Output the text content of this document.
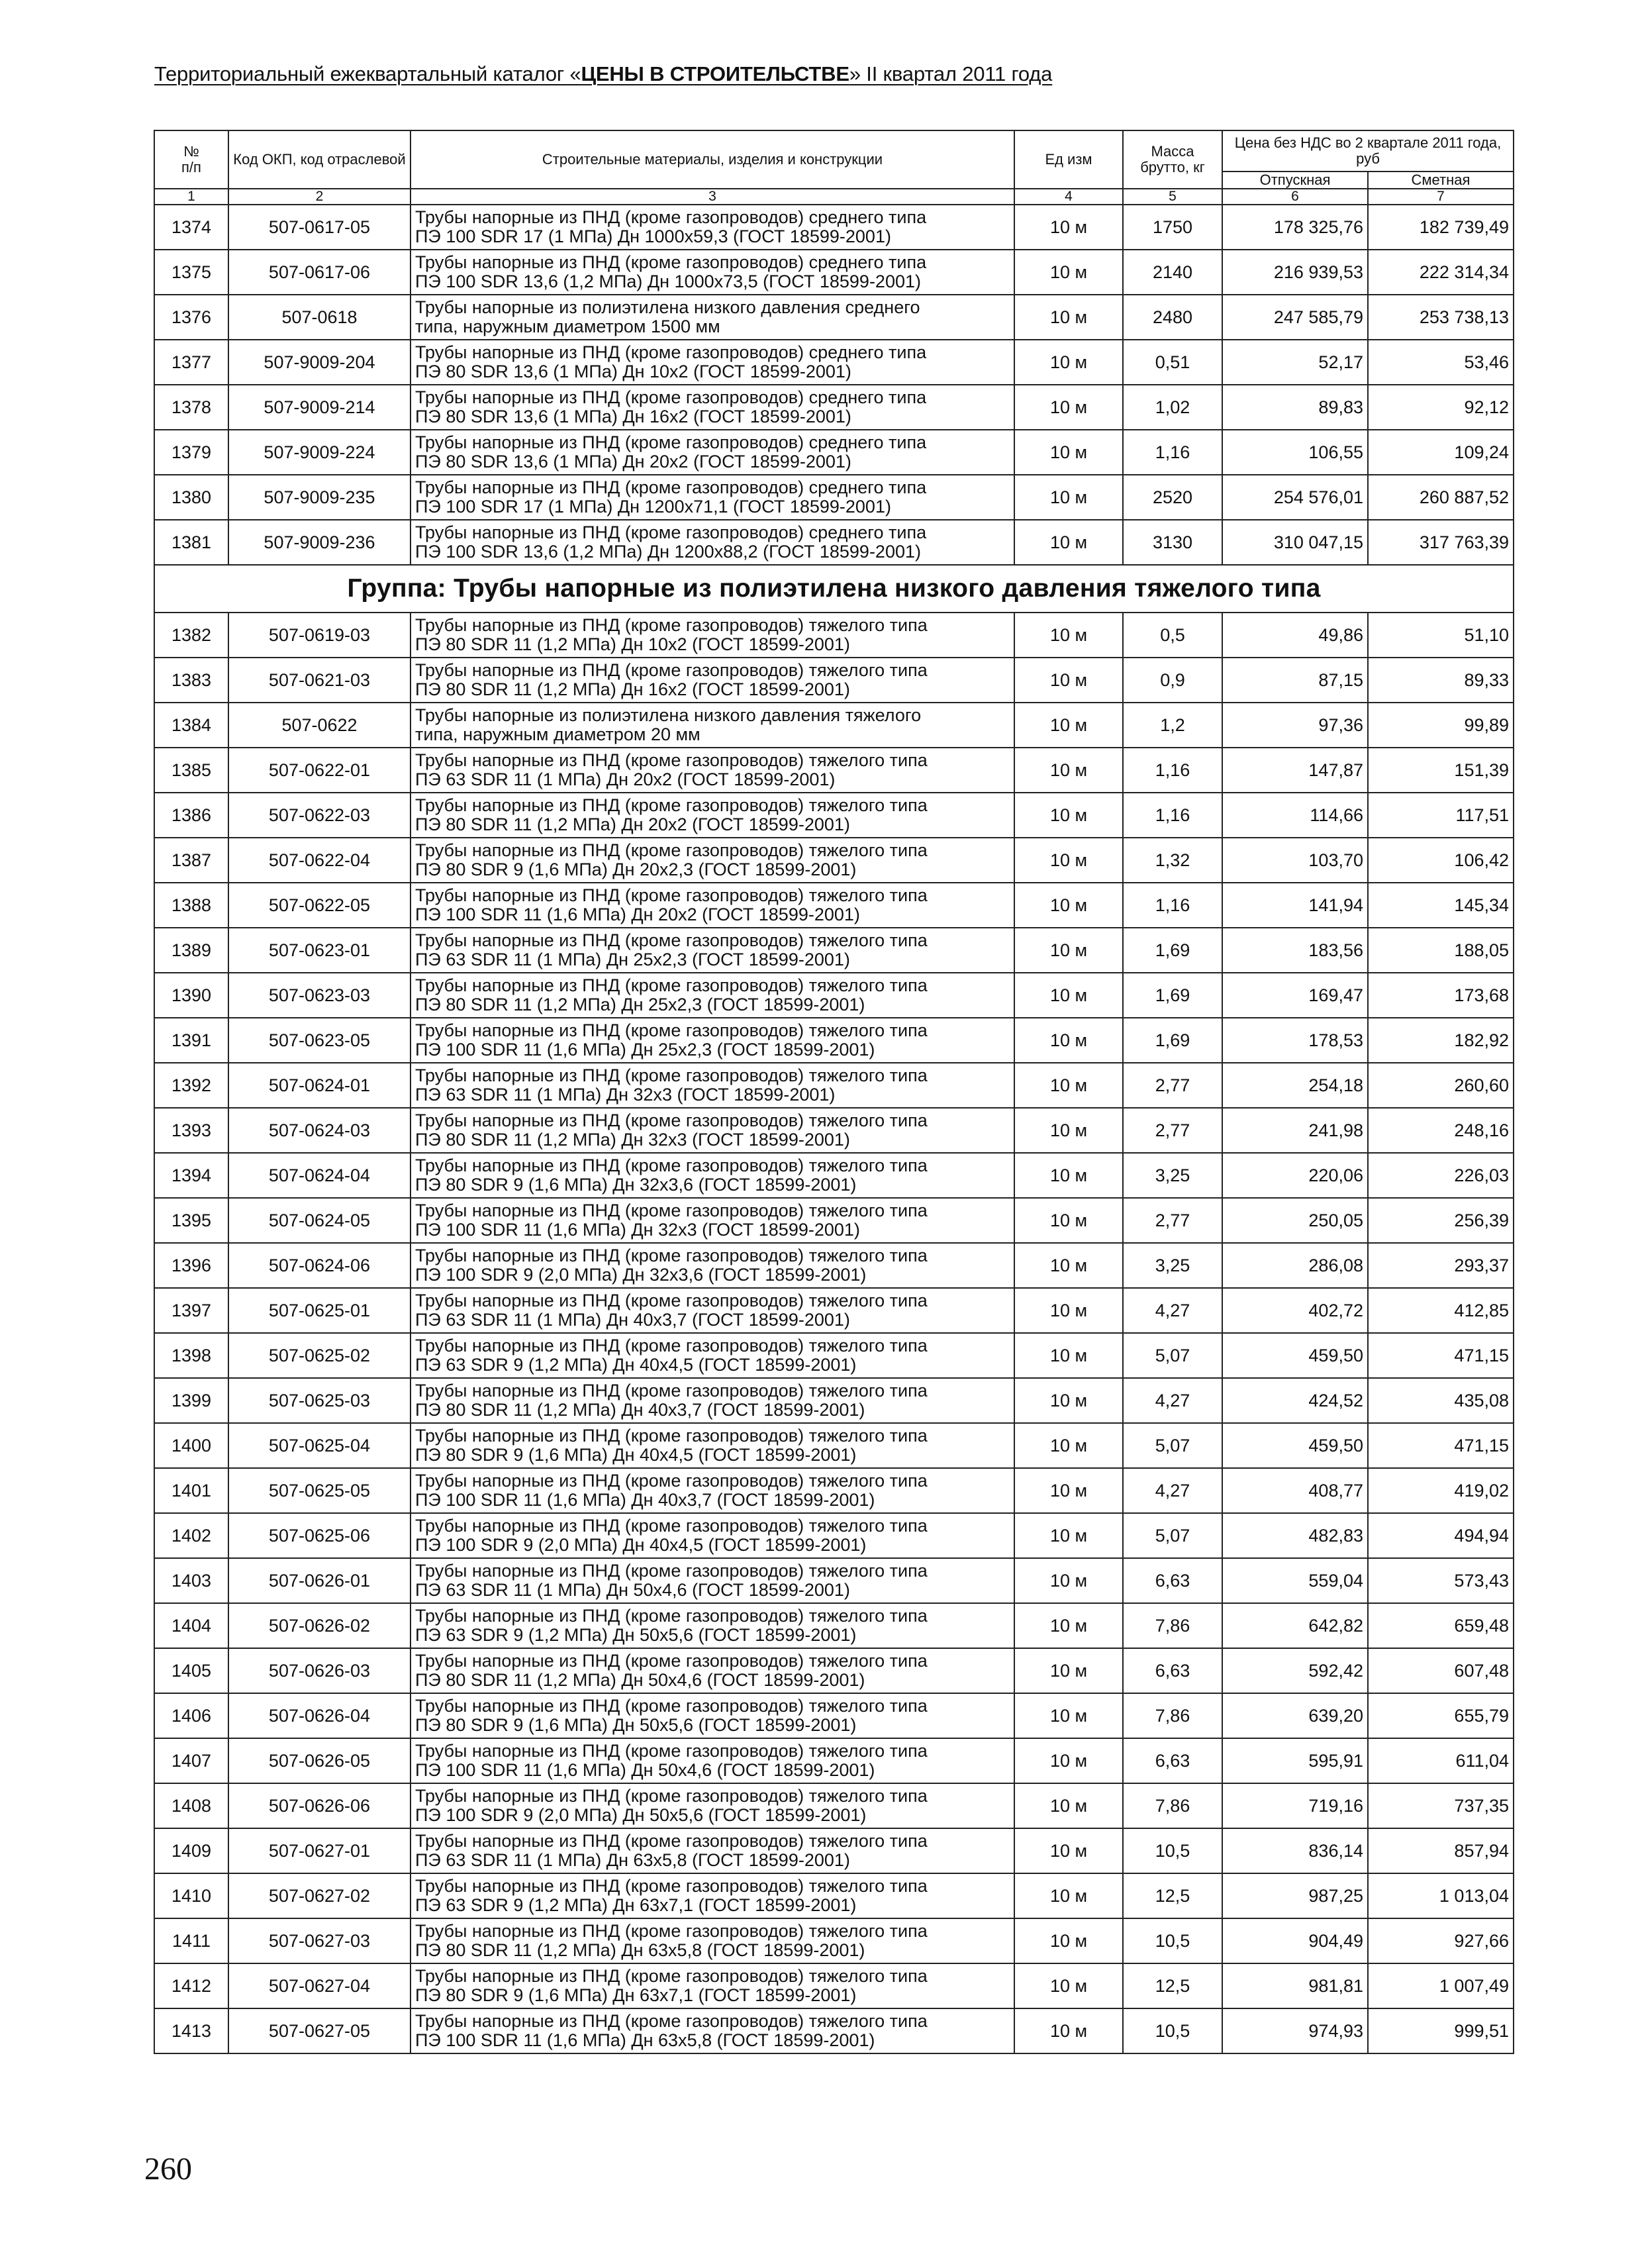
Территориальный ежеквартальный каталог «ЦЕНЫ В СТРОИТЕЛЬСТВЕ» II квартал 2011 года
№
п/п	Код ОКП, код отраслевой	Строительные материалы, изделия и конструкции	Ед изм	Масса брутто, кг	Цена без НДС во 2 квартале 2011 года, руб	
					Отпускная	Сметная
1	2	3	4	5	6	7
1374	507-0617-05	Трубы напорные из ПНД (кроме газопроводов) среднего типа
ПЭ 100 SDR 17 (1 МПа) Дн 1000х59,3 (ГОСТ 18599-2001)	10 м	1750	178 325,76	182 739,49
1375	507-0617-06	Трубы напорные из ПНД (кроме газопроводов) среднего типа
ПЭ 100 SDR 13,6 (1,2 МПа) Дн 1000х73,5 (ГОСТ 18599-2001)	10 м	2140	216 939,53	222 314,34
1376	507-0618	Трубы напорные из полиэтилена низкого давления среднего
типа, наружным диаметром 1500 мм	10 м	2480	247 585,79	253 738,13
1377	507-9009-204	Трубы напорные из ПНД (кроме газопроводов) среднего типа
ПЭ 80 SDR 13,6 (1 МПа) Дн 10х2 (ГОСТ 18599-2001)	10 м	0,51	52,17	53,46
1378	507-9009-214	Трубы напорные из ПНД (кроме газопроводов) среднего типа
ПЭ 80 SDR 13,6 (1 МПа) Дн 16х2 (ГОСТ 18599-2001)	10 м	1,02	89,83	92,12
1379	507-9009-224	Трубы напорные из ПНД (кроме газопроводов) среднего типа
ПЭ 80 SDR 13,6 (1 МПа) Дн 20х2 (ГОСТ 18599-2001)	10 м	1,16	106,55	109,24
1380	507-9009-235	Трубы напорные из ПНД (кроме газопроводов) среднего типа
ПЭ 100 SDR 17 (1 МПа) Дн 1200х71,1 (ГОСТ 18599-2001)	10 м	2520	254 576,01	260 887,52
1381	507-9009-236	Трубы напорные из ПНД (кроме газопроводов) среднего типа
ПЭ 100 SDR 13,6 (1,2 МПа) Дн 1200х88,2 (ГОСТ 18599-2001)	10 м	3130	310 047,15	317 763,39
Группа: Трубы напорные из полиэтилена низкого давления тяжелого типа						
1382	507-0619-03	Трубы напорные из ПНД (кроме газопроводов) тяжелого типа
ПЭ 80 SDR 11 (1,2 МПа) Дн 10х2 (ГОСТ 18599-2001)	10 м	0,5	49,86	51,10
1383	507-0621-03	Трубы напорные из ПНД (кроме газопроводов) тяжелого типа
ПЭ 80 SDR 11 (1,2 МПа) Дн 16х2 (ГОСТ 18599-2001)	10 м	0,9	87,15	89,33
1384	507-0622	Трубы напорные из полиэтилена низкого давления тяжелого
типа, наружным диаметром 20 мм	10 м	1,2	97,36	99,89
1385	507-0622-01	Трубы напорные из ПНД (кроме газопроводов) тяжелого типа
ПЭ 63 SDR 11 (1 МПа) Дн 20х2 (ГОСТ 18599-2001)	10 м	1,16	147,87	151,39
1386	507-0622-03	Трубы напорные из ПНД (кроме газопроводов) тяжелого типа
ПЭ 80 SDR 11 (1,2 МПа) Дн 20х2 (ГОСТ 18599-2001)	10 м	1,16	114,66	117,51
1387	507-0622-04	Трубы напорные из ПНД (кроме газопроводов) тяжелого типа
ПЭ 80 SDR 9 (1,6 МПа) Дн 20х2,3 (ГОСТ 18599-2001)	10 м	1,32	103,70	106,42
1388	507-0622-05	Трубы напорные из ПНД (кроме газопроводов) тяжелого типа
ПЭ 100 SDR 11 (1,6 МПа) Дн 20х2 (ГОСТ 18599-2001)	10 м	1,16	141,94	145,34
1389	507-0623-01	Трубы напорные из ПНД (кроме газопроводов) тяжелого типа
ПЭ 63 SDR 11 (1 МПа) Дн 25х2,3 (ГОСТ 18599-2001)	10 м	1,69	183,56	188,05
1390	507-0623-03	Трубы напорные из ПНД (кроме газопроводов) тяжелого типа
ПЭ 80 SDR 11 (1,2 МПа) Дн 25х2,3 (ГОСТ 18599-2001)	10 м	1,69	169,47	173,68
1391	507-0623-05	Трубы напорные из ПНД (кроме газопроводов) тяжелого типа
ПЭ 100 SDR 11 (1,6 МПа) Дн 25х2,3 (ГОСТ 18599-2001)	10 м	1,69	178,53	182,92
1392	507-0624-01	Трубы напорные из ПНД (кроме газопроводов) тяжелого типа
ПЭ 63 SDR 11 (1 МПа) Дн 32х3 (ГОСТ 18599-2001)	10 м	2,77	254,18	260,60
1393	507-0624-03	Трубы напорные из ПНД (кроме газопроводов) тяжелого типа
ПЭ 80 SDR 11 (1,2 МПа) Дн 32х3 (ГОСТ 18599-2001)	10 м	2,77	241,98	248,16
1394	507-0624-04	Трубы напорные из ПНД (кроме газопроводов) тяжелого типа
ПЭ 80 SDR 9 (1,6 МПа) Дн 32х3,6 (ГОСТ 18599-2001)	10 м	3,25	220,06	226,03
1395	507-0624-05	Трубы напорные из ПНД (кроме газопроводов) тяжелого типа
ПЭ 100 SDR 11 (1,6 МПа) Дн 32х3 (ГОСТ 18599-2001)	10 м	2,77	250,05	256,39
1396	507-0624-06	Трубы напорные из ПНД (кроме газопроводов) тяжелого типа
ПЭ 100 SDR 9 (2,0 МПа) Дн 32х3,6 (ГОСТ 18599-2001)	10 м	3,25	286,08	293,37
1397	507-0625-01	Трубы напорные из ПНД (кроме газопроводов) тяжелого типа
ПЭ 63 SDR 11 (1 МПа) Дн 40х3,7 (ГОСТ 18599-2001)	10 м	4,27	402,72	412,85
1398	507-0625-02	Трубы напорные из ПНД (кроме газопроводов) тяжелого типа
ПЭ 63 SDR 9 (1,2 МПа) Дн 40х4,5 (ГОСТ 18599-2001)	10 м	5,07	459,50	471,15
1399	507-0625-03	Трубы напорные из ПНД (кроме газопроводов) тяжелого типа
ПЭ 80 SDR 11 (1,2 МПа) Дн 40х3,7 (ГОСТ 18599-2001)	10 м	4,27	424,52	435,08
1400	507-0625-04	Трубы напорные из ПНД (кроме газопроводов) тяжелого типа
ПЭ 80 SDR 9 (1,6 МПа) Дн 40х4,5 (ГОСТ 18599-2001)	10 м	5,07	459,50	471,15
1401	507-0625-05	Трубы напорные из ПНД (кроме газопроводов) тяжелого типа
ПЭ 100 SDR 11 (1,6 МПа) Дн 40х3,7 (ГОСТ 18599-2001)	10 м	4,27	408,77	419,02
1402	507-0625-06	Трубы напорные из ПНД (кроме газопроводов) тяжелого типа
ПЭ 100 SDR 9 (2,0 МПа) Дн 40х4,5 (ГОСТ 18599-2001)	10 м	5,07	482,83	494,94
1403	507-0626-01	Трубы напорные из ПНД (кроме газопроводов) тяжелого типа
ПЭ 63 SDR 11 (1 МПа) Дн 50х4,6 (ГОСТ 18599-2001)	10 м	6,63	559,04	573,43
1404	507-0626-02	Трубы напорные из ПНД (кроме газопроводов) тяжелого типа
ПЭ 63 SDR 9 (1,2 МПа) Дн 50х5,6 (ГОСТ 18599-2001)	10 м	7,86	642,82	659,48
1405	507-0626-03	Трубы напорные из ПНД (кроме газопроводов) тяжелого типа
ПЭ 80 SDR 11 (1,2 МПа) Дн 50х4,6 (ГОСТ 18599-2001)	10 м	6,63	592,42	607,48
1406	507-0626-04	Трубы напорные из ПНД (кроме газопроводов) тяжелого типа
ПЭ 80 SDR 9 (1,6 МПа) Дн 50х5,6 (ГОСТ 18599-2001)	10 м	7,86	639,20	655,79
1407	507-0626-05	Трубы напорные из ПНД (кроме газопроводов) тяжелого типа
ПЭ 100 SDR 11 (1,6 МПа) Дн 50х4,6 (ГОСТ 18599-2001)	10 м	6,63	595,91	611,04
1408	507-0626-06	Трубы напорные из ПНД (кроме газопроводов) тяжелого типа
ПЭ 100 SDR 9 (2,0 МПа) Дн 50х5,6 (ГОСТ 18599-2001)	10 м	7,86	719,16	737,35
1409	507-0627-01	Трубы напорные из ПНД (кроме газопроводов) тяжелого типа
ПЭ 63 SDR 11 (1 МПа) Дн 63х5,8 (ГОСТ 18599-2001)	10 м	10,5	836,14	857,94
1410	507-0627-02	Трубы напорные из ПНД (кроме газопроводов) тяжелого типа
ПЭ 63 SDR 9 (1,2 МПа) Дн 63х7,1 (ГОСТ 18599-2001)	10 м	12,5	987,25	1 013,04
1411	507-0627-03	Трубы напорные из ПНД (кроме газопроводов) тяжелого типа
ПЭ 80 SDR 11 (1,2 МПа) Дн 63х5,8 (ГОСТ 18599-2001)	10 м	10,5	904,49	927,66
1412	507-0627-04	Трубы напорные из ПНД (кроме газопроводов) тяжелого типа
ПЭ 80 SDR 9 (1,6 МПа) Дн 63х7,1 (ГОСТ 18599-2001)	10 м	12,5	981,81	1 007,49
1413	507-0627-05	Трубы напорные из ПНД (кроме газопроводов) тяжелого типа
ПЭ 100 SDR 11 (1,6 МПа) Дн 63х5,8 (ГОСТ 18599-2001)	10 м	10,5	974,93	999,51
260
